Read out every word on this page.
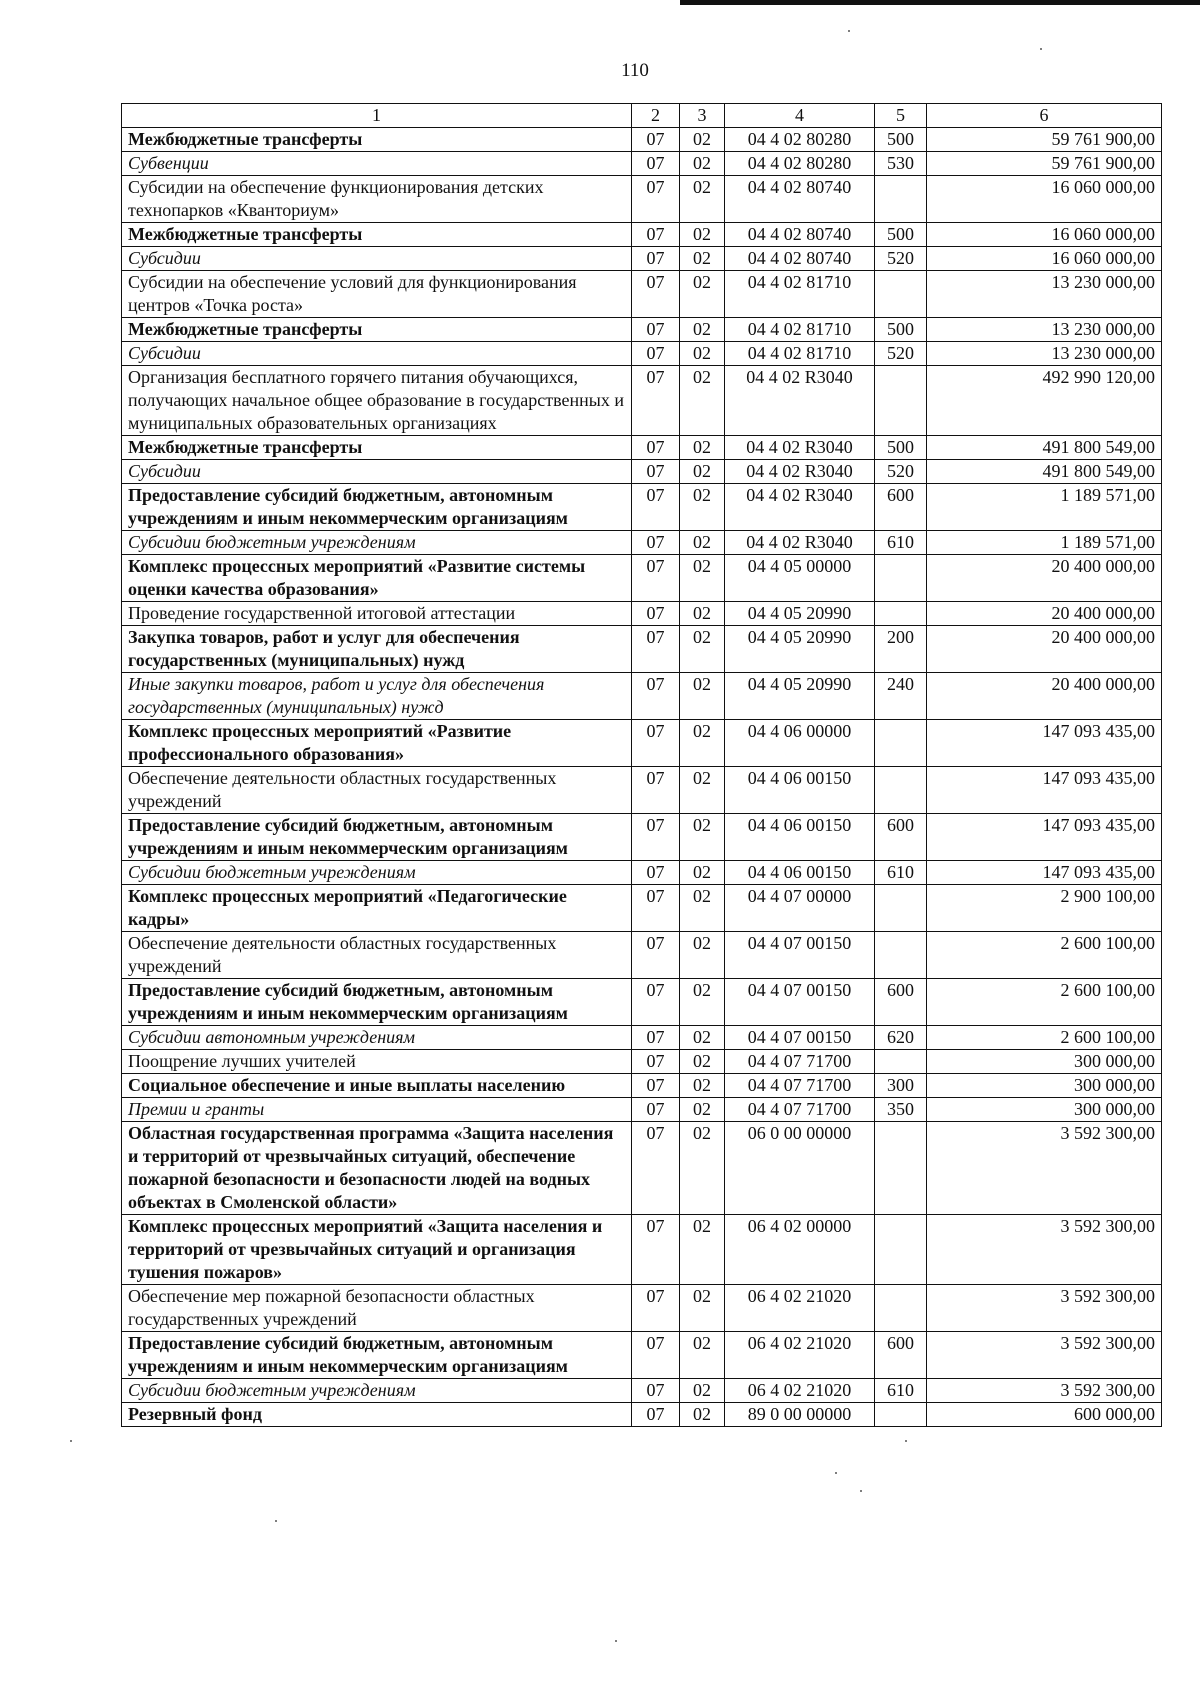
110
1	2	3	4	5	6
Межбюджетные трансферты	07	02	04 4 02 80280	500	59 761 900,00
Субвенции	07	02	04 4 02 80280	530	59 761 900,00
Субсидии на обеспечение функционирования детских технопарков «Кванториум»	07	02	04 4 02 80740		16 060 000,00
Межбюджетные трансферты	07	02	04 4 02 80740	500	16 060 000,00
Субсидии	07	02	04 4 02 80740	520	16 060 000,00
Субсидии на обеспечение условий для функционирования центров «Точка роста»	07	02	04 4 02 81710		13 230 000,00
Межбюджетные трансферты	07	02	04 4 02 81710	500	13 230 000,00
Субсидии	07	02	04 4 02 81710	520	13 230 000,00
Организация бесплатного горячего питания обучающихся, получающих начальное общее образование в государственных и муниципальных образовательных организациях	07	02	04 4 02 R3040		492 990 120,00
Межбюджетные трансферты	07	02	04 4 02 R3040	500	491 800 549,00
Субсидии	07	02	04 4 02 R3040	520	491 800 549,00
Предоставление субсидий бюджетным, автономным учреждениям и иным некоммерческим организациям	07	02	04 4 02 R3040	600	1 189 571,00
Субсидии бюджетным учреждениям	07	02	04 4 02 R3040	610	1 189 571,00
Комплекс процессных мероприятий «Развитие системы оценки качества образования»	07	02	04 4 05 00000		20 400 000,00
Проведение государственной итоговой аттестации	07	02	04 4 05 20990		20 400 000,00
Закупка товаров, работ и услуг для обеспечения государственных (муниципальных) нужд	07	02	04 4 05 20990	200	20 400 000,00
Иные закупки товаров, работ и услуг для обеспечения государственных (муниципальных) нужд	07	02	04 4 05 20990	240	20 400 000,00
Комплекс процессных мероприятий «Развитие профессионального образования»	07	02	04 4 06 00000		147 093 435,00
Обеспечение деятельности областных государственных учреждений	07	02	04 4 06 00150		147 093 435,00
Предоставление субсидий бюджетным, автономным учреждениям и иным некоммерческим организациям	07	02	04 4 06 00150	600	147 093 435,00
Субсидии бюджетным учреждениям	07	02	04 4 06 00150	610	147 093 435,00
Комплекс процессных мероприятий «Педагогические кадры»	07	02	04 4 07 00000		2 900 100,00
Обеспечение деятельности областных государственных учреждений	07	02	04 4 07 00150		2 600 100,00
Предоставление субсидий бюджетным, автономным учреждениям и иным некоммерческим организациям	07	02	04 4 07 00150	600	2 600 100,00
Субсидии автономным учреждениям	07	02	04 4 07 00150	620	2 600 100,00
Поощрение лучших учителей	07	02	04 4 07 71700		300 000,00
Социальное обеспечение и иные выплаты населению	07	02	04 4 07 71700	300	300 000,00
Премии и гранты	07	02	04 4 07 71700	350	300 000,00
Областная государственная программа «Защита населения и территорий от чрезвычайных ситуаций, обеспечение пожарной безопасности и безопасности людей на водных объектах в Смоленской области»	07	02	06 0 00 00000		3 592 300,00
Комплекс процессных мероприятий «Защита населения и территорий от чрезвычайных ситуаций и организация тушения пожаров»	07	02	06 4 02 00000		3 592 300,00
Обеспечение мер пожарной безопасности областных государственных учреждений	07	02	06 4 02 21020		3 592 300,00
Предоставление субсидий бюджетным, автономным учреждениям и иным некоммерческим организациям	07	02	06 4 02 21020	600	3 592 300,00
Субсидии бюджетным учреждениям	07	02	06 4 02 21020	610	3 592 300,00
Резервный фонд	07	02	89 0 00 00000		600 000,00
